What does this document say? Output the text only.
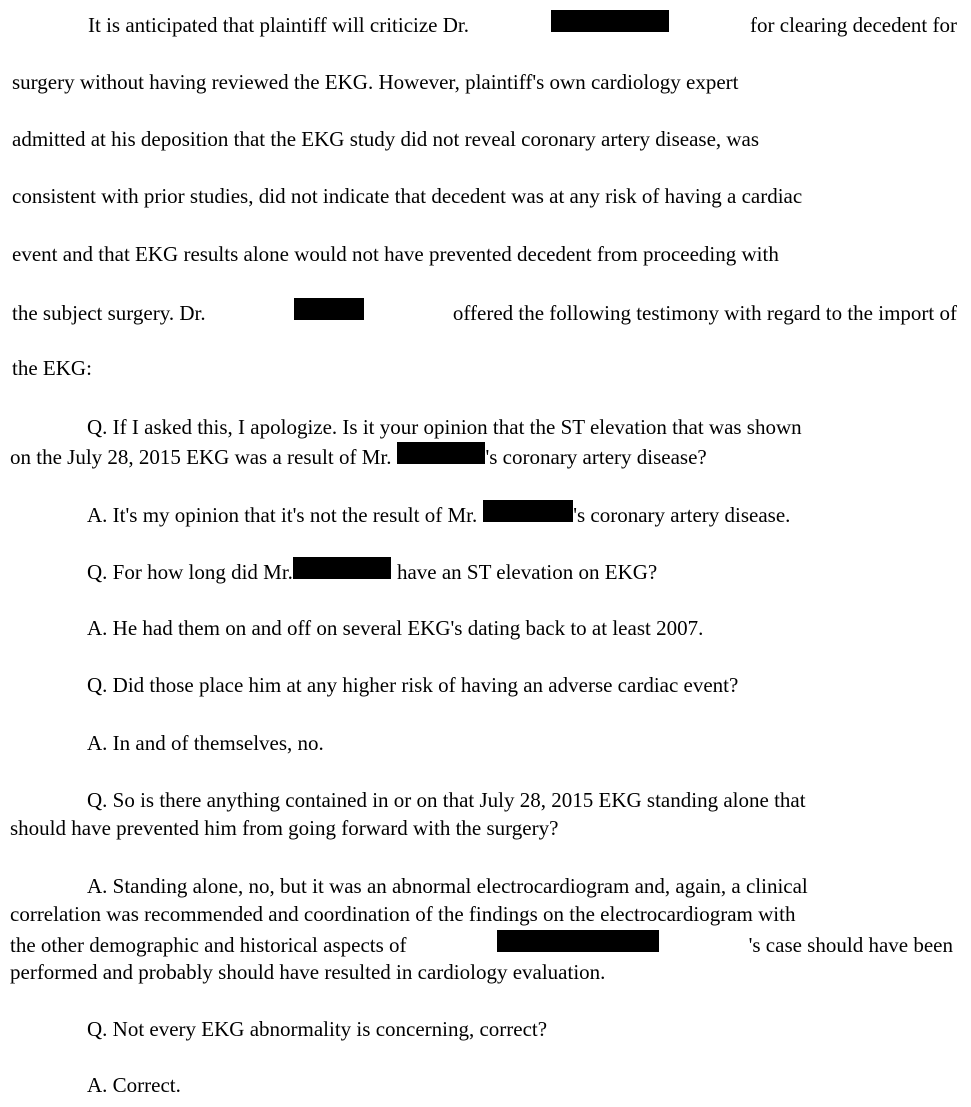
It is anticipated that plaintiff will criticize Dr.	for clearing decedent for
surgery without having reviewed the EKG. However, plaintiff's own cardiology expert
admitted at his deposition that the EKG study did not reveal coronary artery disease, was
consistent with prior studies, did not indicate that decedent was at any risk of having a cardiac
event and that EKG results alone would not have prevented decedent from proceeding with
the subject surgery. Dr.	offered the following testimony with regard to the import of
the EKG:
Q. If I asked this, I apologize. Is it your opinion that the ST elevation that was shown
on the July 28, 2015 EKG was a result of Mr.	's coronary artery disease?
A. It's my opinion that it's not the result of Mr.	's coronary artery disease.
Q. For how long did Mr.	have an ST elevation on EKG?
A. He had them on and off on several EKG's dating back to at least 2007.
Q. Did those place him at any higher risk of having an adverse cardiac event?
A. In and of themselves, no.
Q. So is there anything contained in or on that July 28, 2015 EKG standing alone that
should have prevented him from going forward with the surgery?
A. Standing alone, no, but it was an abnormal electrocardiogram and, again, a clinical
correlation was recommended and coordination of the findings on the electrocardiogram with
the other demographic and historical aspects of	's case should have been
performed and probably should have resulted in cardiology evaluation.
Q. Not every EKG abnormality is concerning, correct?
A. Correct.
